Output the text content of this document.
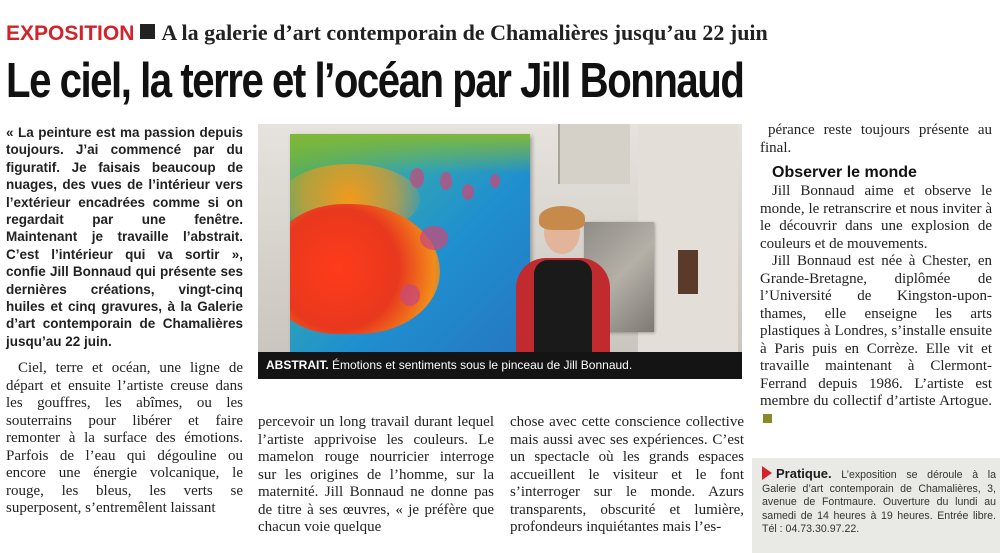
EXPOSITION A la galerie d’art contemporain de Chamalières jusqu’au 22 juin
Le ciel, la terre et l’océan par Jill Bonnaud

« La peinture est ma passion depuis toujours. J’ai commencé par du figuratif. Je faisais beaucoup de nuages, des vues de l’intérieur vers l’extérieur encadrées comme si on regardait par une fenêtre. Maintenant je travaille l’abstrait. C’est l’intérieur qui va sortir », confie Jill Bonnaud qui présente ses dernières créations, vingt-cinq huiles et cinq gravures, à la Galerie d’art contemporain de Chamalières jusqu’au 22 juin.

Ciel, terre et océan, une ligne de départ et ensuite l’artiste creuse dans les gouffres, les abîmes, ou les souterrains pour libérer et faire remonter à la surface des émotions. Parfois de l’eau qui dégouline ou encore une énergie volcanique, le rouge, les bleus, les verts se superposent, s’entremêlent laissant

ABSTRAIT. Émotions et sentiments sous le pinceau de Jill Bonnaud.

percevoir un long travail durant lequel l’artiste apprivoise les couleurs. Le mamelon rouge nourricier interroge sur les origines de l’homme, sur la maternité. Jill Bonnaud ne donne pas de titre à ses œuvres, « je préfère que chacun voie quelque

chose avec cette conscience collective mais aussi avec ses expériences. C’est un spectacle où les grands espaces accueillent le visiteur et le font s’interroger sur le monde. Azurs transparents, obscurité et lumière, profondeurs inquiétantes mais l’es-

pérance reste toujours présente au final.

Observer le monde

Jill Bonnaud aime et observe le monde, le retranscrire et nous inviter à le découvrir dans une explosion de couleurs et de mouvements.

Jill Bonnaud est née à Chester, en Grande-Bretagne, diplômée de l’Université de Kingston-upon-thames, elle enseigne les arts plastiques à Londres, s’installe ensuite à Paris puis en Corrèze. Elle vit et travaille maintenant à Clermont-Ferrand depuis 1986. L’artiste est membre du collectif d’artiste Artogue.

Pratique. L’exposition se déroule à la Galerie d’art contemporain de Chamalières, 3, avenue de Fontmaure. Ouverture du lundi au samedi de 14 heures à 19 heures. Entrée libre. Tél : 04.73.30.97.22.
